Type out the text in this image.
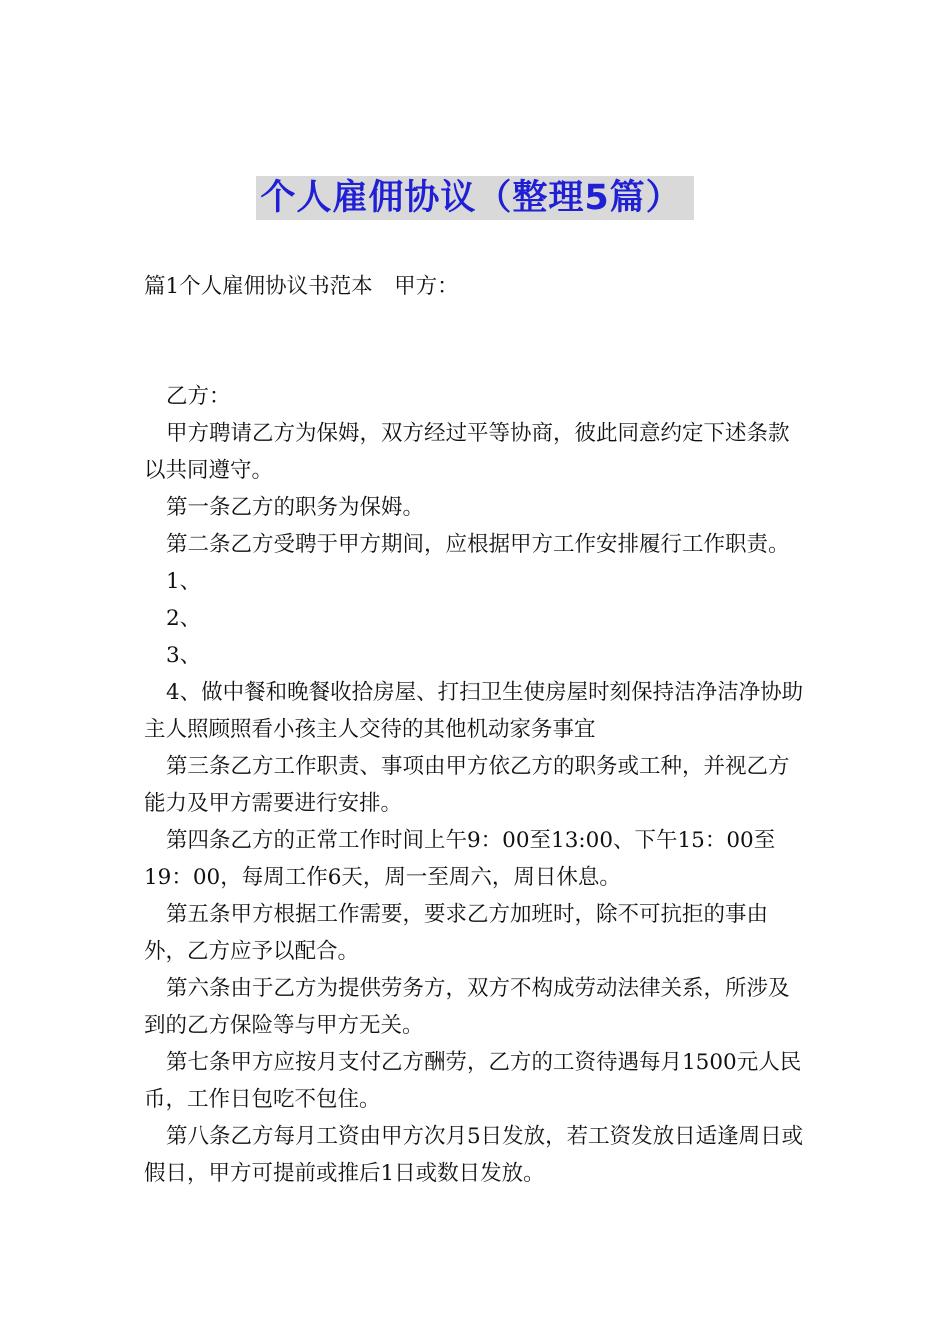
个人雇佣协议（整理5篇）

篇1个人雇佣协议书范本　甲方：

乙方：

甲方聘请乙方为保姆，双方经过平等协商，彼此同意约定下述条款以共同遵守。

第一条乙方的职务为保姆。

第二条乙方受聘于甲方期间，应根据甲方工作安排履行工作职责。

1、

2、

3、

4、做中餐和晚餐收拾房屋、打扫卫生使房屋时刻保持洁净洁净协助主人照顾照看小孩主人交待的其他机动家务事宜

第三条乙方工作职责、事项由甲方依乙方的职务或工种，并视乙方能力及甲方需要进行安排。

第四条乙方的正常工作时间上午9：00至13:00、下午15：00至19：00，每周工作6天，周一至周六，周日休息。

第五条甲方根据工作需要，要求乙方加班时，除不可抗拒的事由外，乙方应予以配合。

第六条由于乙方为提供劳务方，双方不构成劳动法律关系，所涉及到的乙方保险等与甲方无关。

第七条甲方应按月支付乙方酬劳，乙方的工资待遇每月1500元人民币，工作日包吃不包住。

第八条乙方每月工资由甲方次月5日发放，若工资发放日适逢周日或假日，甲方可提前或推后1日或数日发放。
